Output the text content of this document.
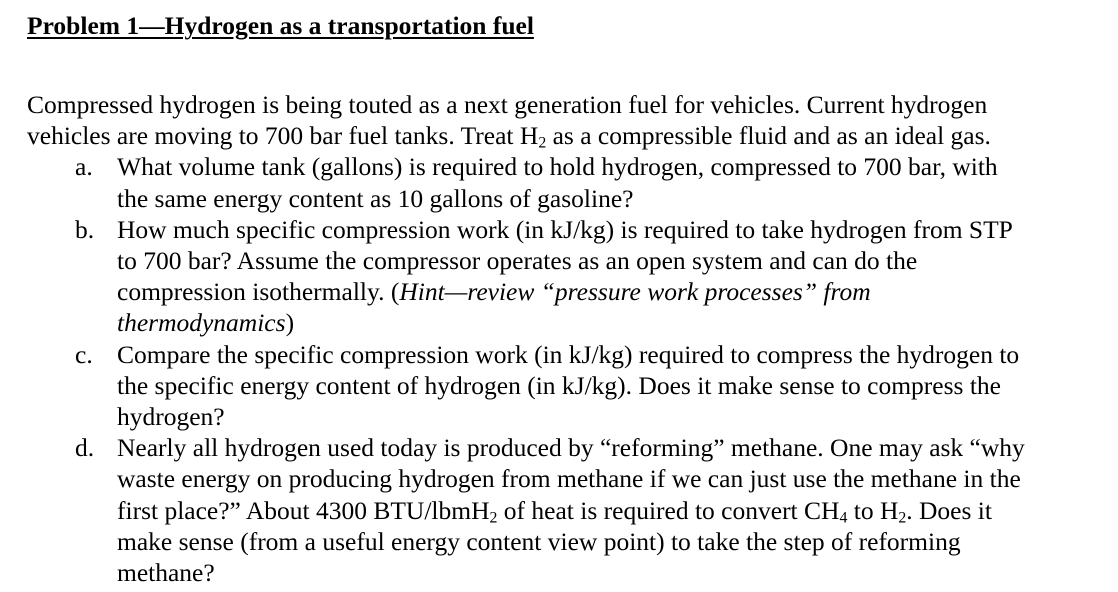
Problem 1—Hydrogen as a transportation fuel

Compressed hydrogen is being touted as a next generation fuel for vehicles. Current hydrogen
vehicles are moving to 700 bar fuel tanks. Treat $H_2$ as a compressible fluid and as an ideal gas.

a. What volume tank (gallons) is required to hold hydrogen, compressed to 700 bar, with
the same energy content as 10 gallons of gasoline?
b. How much specific compression work (in kJ/kg) is required to take hydrogen from STP
to 700 bar? Assume the compressor operates as an open system and can do the
compression isothermally. (Hint—review “pressure work processes” from
thermodynamics)
c. Compare the specific compression work (in kJ/kg) required to compress the hydrogen to
the specific energy content of hydrogen (in kJ/kg). Does it make sense to compress the
hydrogen?
d. Nearly all hydrogen used today is produced by “reforming” methane. One may ask “why
waste energy on producing hydrogen from methane if we can just use the methane in the
first place?” About 4300 BTU/lbmH$_2$ of heat is required to convert $CH_4$ to $H_2$. Does it
make sense (from a useful energy content view point) to take the step of reforming
methane?
